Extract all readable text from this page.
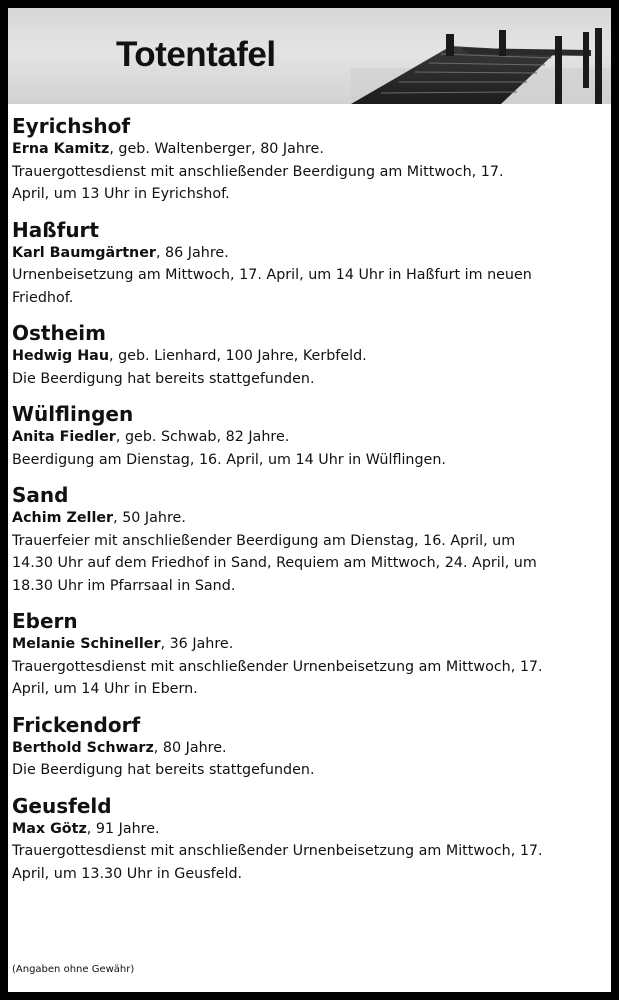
Totentafel
Eyrichshof
Erna Kamitz, geb. Waltenberger, 80 Jahre.
Trauergottesdienst mit anschließender Beerdigung am Mittwoch, 17.
April, um 13 Uhr in Eyrichshof.
Haßfurt
Karl Baumgärtner, 86 Jahre.
Urnenbeisetzung am Mittwoch, 17. April, um 14 Uhr in Haßfurt im neuen
Friedhof.
Ostheim
Hedwig Hau, geb. Lienhard, 100 Jahre, Kerbfeld.
Die Beerdigung hat bereits stattgefunden.
Wülflingen
Anita Fiedler, geb. Schwab, 82 Jahre.
Beerdigung am Dienstag, 16. April, um 14 Uhr in Wülflingen.
Sand
Achim Zeller, 50 Jahre.
Trauerfeier mit anschließender Beerdigung am Dienstag, 16. April, um
14.30 Uhr auf dem Friedhof in Sand, Requiem am Mittwoch, 24. April, um
18.30 Uhr im Pfarrsaal in Sand.
Ebern
Melanie Schineller, 36 Jahre.
Trauergottesdienst mit anschließender Urnenbeisetzung am Mittwoch, 17.
April, um 14 Uhr in Ebern.
Frickendorf
Berthold Schwarz, 80 Jahre.
Die Beerdigung hat bereits stattgefunden.
Geusfeld
Max Götz, 91 Jahre.
Trauergottesdienst mit anschließender Urnenbeisetzung am Mittwoch, 17.
April, um 13.30 Uhr in Geusfeld.
(Angaben ohne Gewähr)
